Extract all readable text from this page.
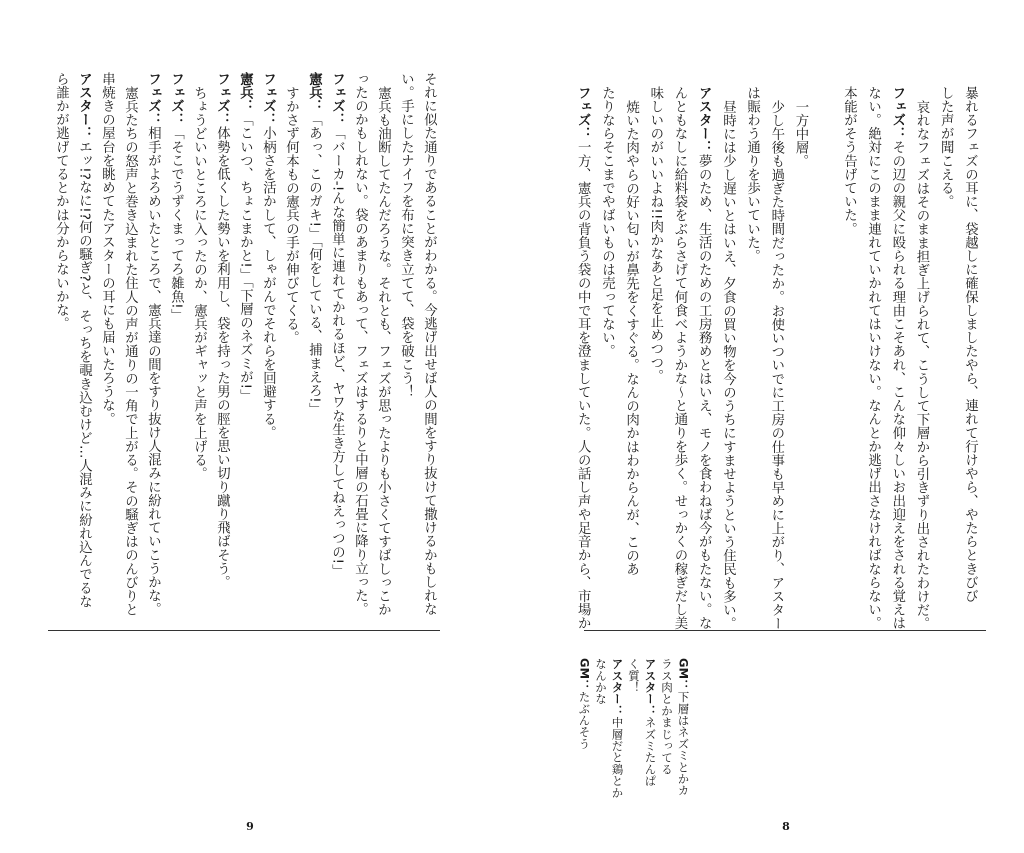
それに似た通りであることがわかる。今逃げ出せば人の間をすり抜けて撒けるかもしれな
い。手にしたナイフを布に突き立てて、袋を破こう！
憲兵も油断してたんだろうな。それとも、フェズが思ったよりも小さくてすばしっこか
ったのかもしれない。袋のあまりもあって、フェズはするりと中層の石畳に降り立った。
フェズ：「バーカ-!んな簡単に連れてかれるほど、ヤワな生き方してねえっつの!」
憲兵：「あっ、このガキ!」「何をしている、捕まえろ!」
すかさず何本もの憲兵の手が伸びてくる。
フェズ：小柄さを活かして、しゃがんでそれらを回避する。
憲兵：「こいつ、ちょこまかと!」「下層のネズミが!」
フェズ：体勢を低くした勢いを利用し、袋を持った男の脛を思い切り蹴り飛ばそう。
ちょうどいいところに入ったのか、憲兵がギャッと声を上げる。
フェズ：「そこでうずくまってろ雑魚!」
フェズ：相手がよろめいたところで、憲兵達の間をすり抜け人混みに紛れていこうかな。
憲兵たちの怒声と巻き込まれた住人の声が通りの一角で上がる。その騒ぎはのんびりと
串焼きの屋台を眺めてたアスターの耳にも届いたろうな。
アスター：エッ!?なに!?何の騒ぎ?と、そっちを覗き込むけど…人混みに紛れ込んでるな
ら誰かが逃げてるとかは分からないかな。
9
暴れるフェズの耳に、袋越しに確保しましたやら、連れて行けやら、やたらときびび
した声が聞こえる。
哀れなフェズはそのまま担ぎ上げられて、こうして下層から引きずり出されたわけだ。
フェズ：その辺の親父に殴られる理由こそあれ、こんな仰々しいお出迎えをされる覚えは
ない。絶対にこのまま連れていかれてはいけない。なんとか逃げ出さなければならない。
本能がそう告げていた。
一方中層。
少し午後も過ぎた時間だったか。お使いついでに工房の仕事も早めに上がり、アスター
は賑わう通りを歩いていた。
昼時には少し遅いとはいえ、夕食の買い物を今のうちにすませようという住民も多い。
アスター：夢のため、生活のための工房務めとはいえ、モノを食わねば今がもたない。な
んともなしに給料袋をぶらさげて何食べようかな～と通りを歩く。せっかくの稼ぎだし美
味しいのがいいよね!!肉かなあと足を止めつつ。
焼いた肉やらの好い匂いが鼻先をくすぐる。なんの肉かはわからんが、このあ
たりならそこまでやばいものは売ってない。
フェズ：一方、憲兵の背負う袋の中で耳を澄ましていた。人の話し声や足音から、市場か
GM：下層はネズミとかカ
ラス肉とかまじってる
アスター：ネズミたんぱ
く質！
アスター：中層だと鶏とか
なんかな
GM：たぶんそう
8
